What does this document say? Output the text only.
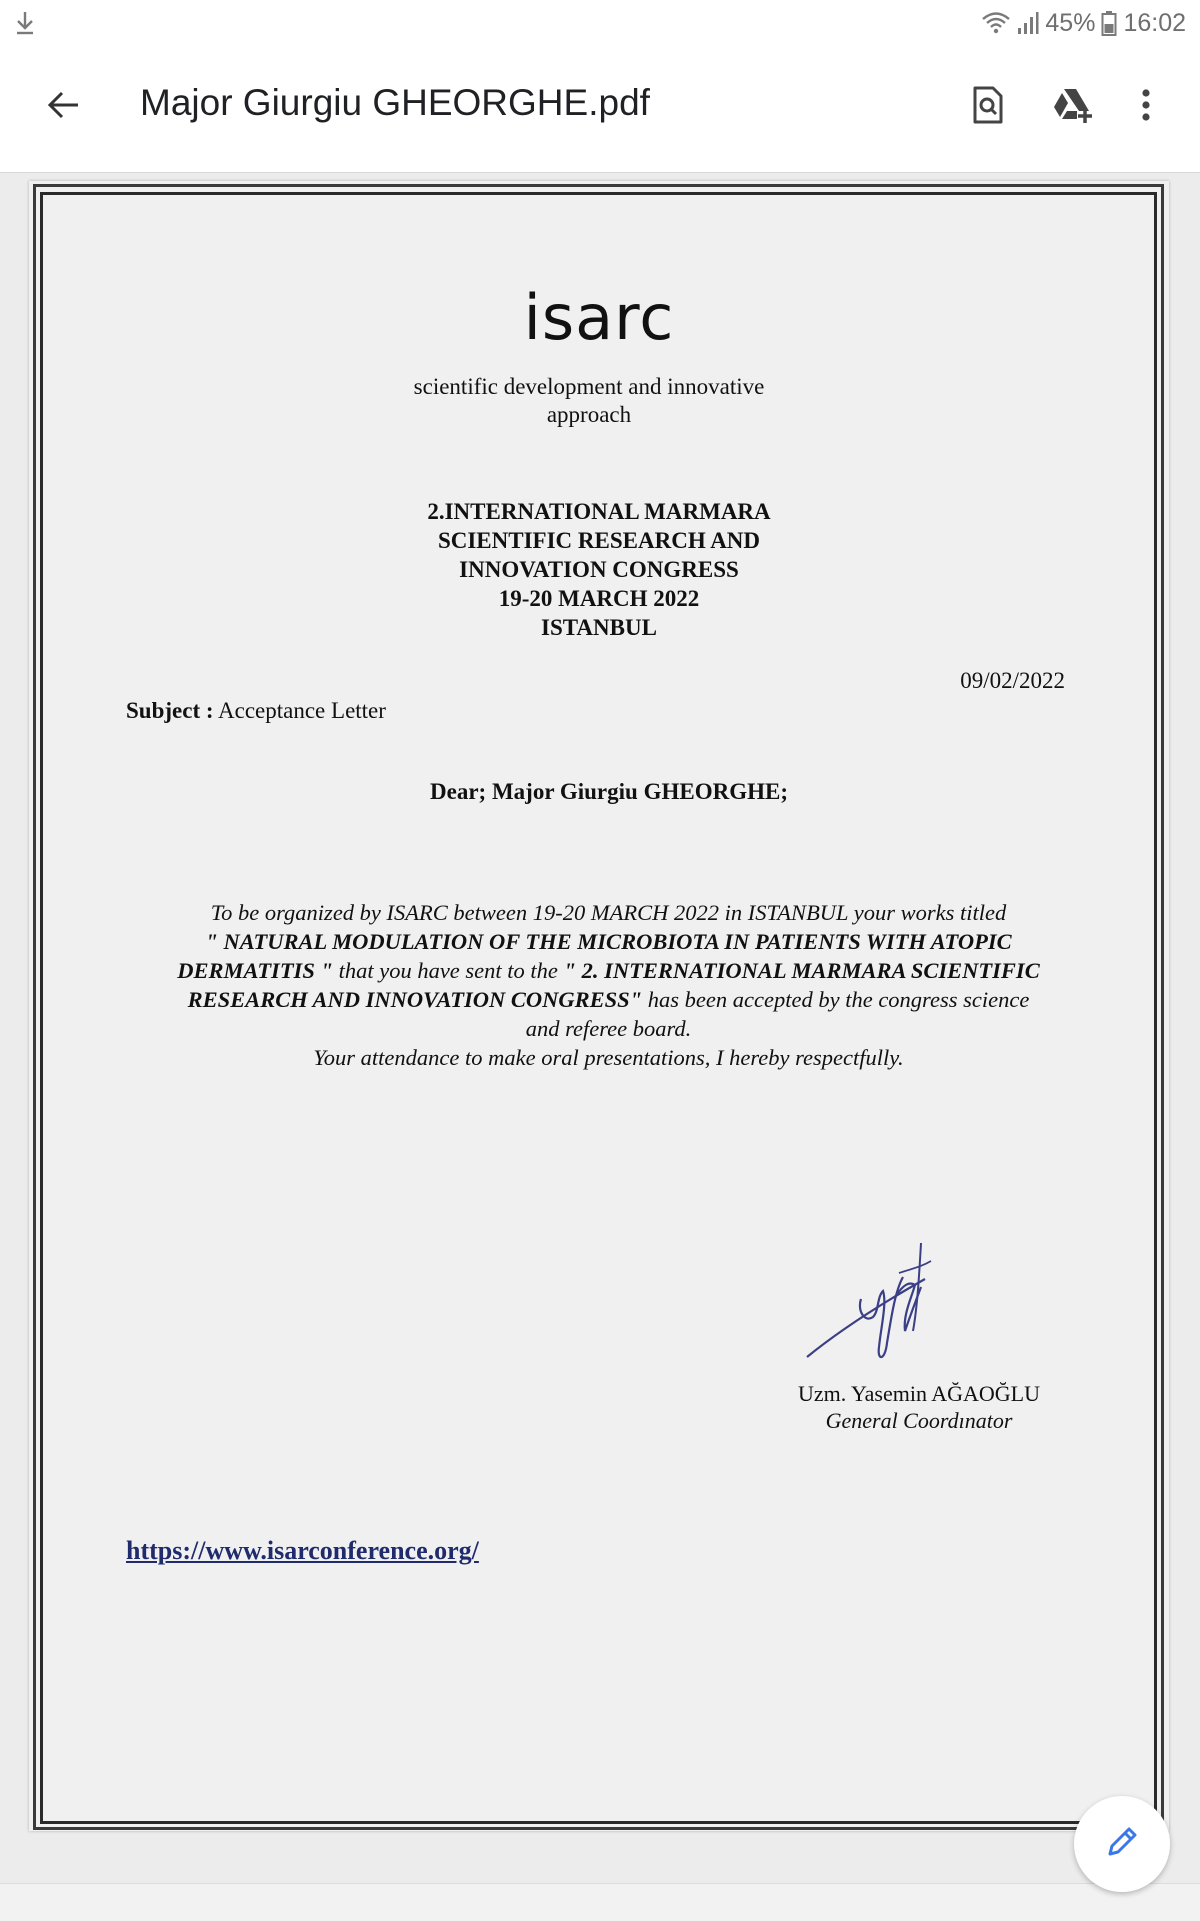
45% 16:02
Major Giurgiu GHEORGHE.pdf
isarc
scientific development and innovative
approach
2.INTERNATIONAL MARMARA
SCIENTIFIC RESEARCH AND
INNOVATION CONGRESS
19-20 MARCH 2022
ISTANBUL
09/02/2022
Subject : Acceptance Letter
Dear; Major Giurgiu GHEORGHE;
To be organized by ISARC between 19-20 MARCH 2022 in ISTANBUL your works titled
" NATURAL MODULATION OF THE MICROBIOTA IN PATIENTS WITH ATOPIC
DERMATITIS " that you have sent to the " 2. INTERNATIONAL MARMARA SCIENTIFIC
RESEARCH AND INNOVATION CONGRESS" has been accepted by the congress science
and referee board.
Your attendance to make oral presentations, I hereby respectfully.
Uzm. Yasemin AĞAOĞLU
General Coordınator
https://www.isarconference.org/
